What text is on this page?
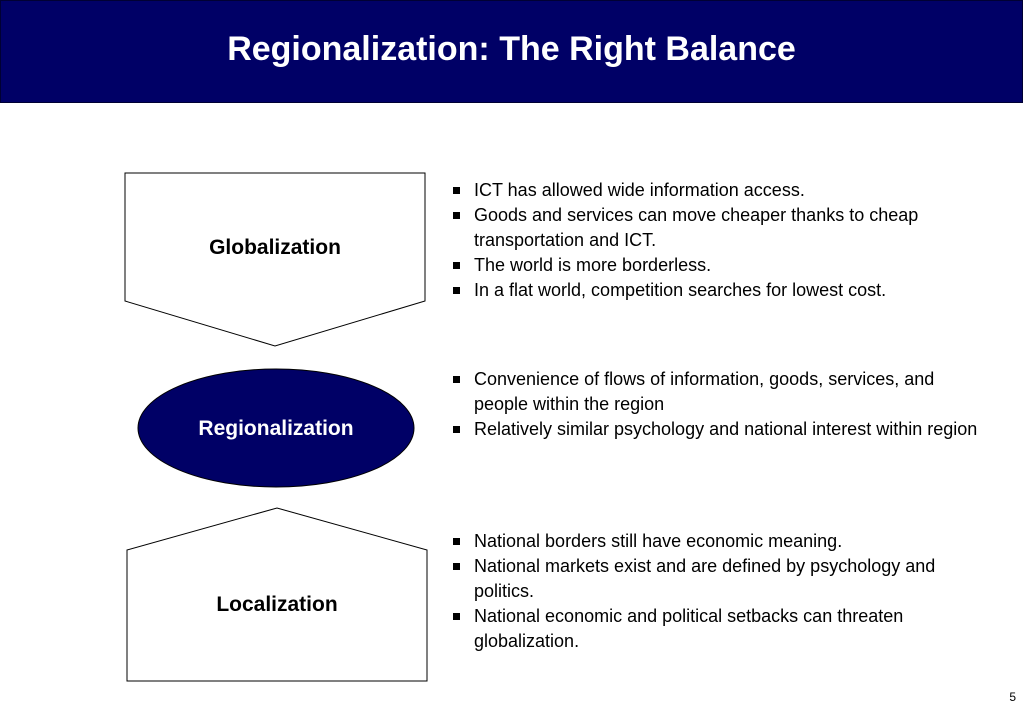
Regionalization: The Right Balance
Globalization
Regionalization
Localization
ICT has allowed wide information access.
Goods and services can move cheaper thanks to cheap transportation and ICT.
The world is more borderless.
In a flat world, competition searches for lowest cost.
Convenience of flows of information, goods, services, and people within the region
Relatively similar psychology and national interest within region
National borders still have economic meaning.
National markets exist and are defined by psychology and politics.
National economic and political setbacks can threaten globalization.
5
